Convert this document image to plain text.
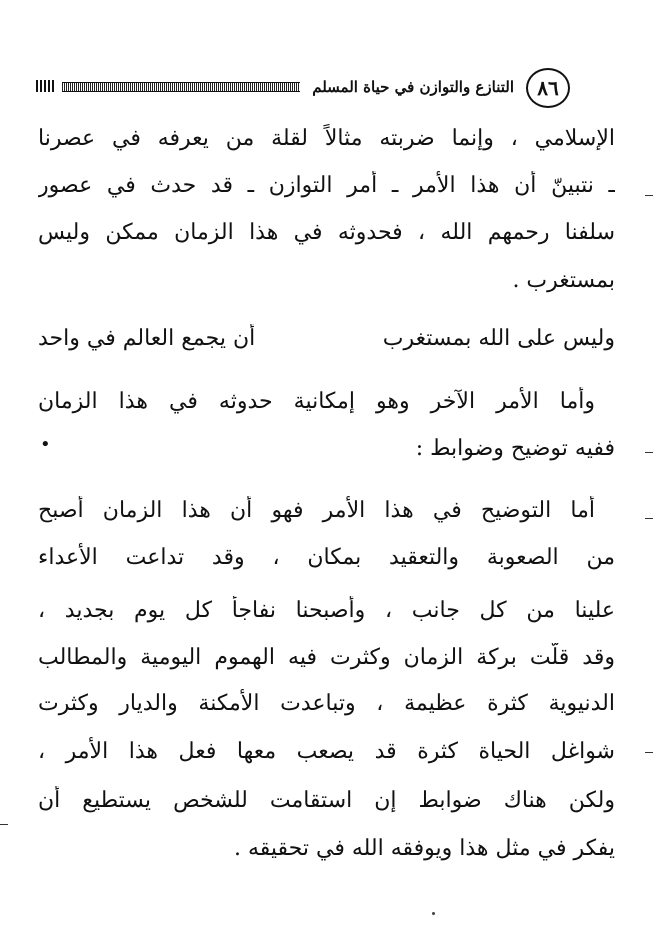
٨٦
التنازع والتوازن في حياة المسلم
الإسلامي ، وإنما ضربته مثالاً لقلة من يعرفه في عصرنا
ـ نتبينّ أن هذا الأمر ـ أمر التوازن ـ قد حدث في عصور
سلفنا رحمهم الله ، فحدوثه في هذا الزمان ممكن وليس
بمستغرب .
وليس على الله بمستغرب
أن يجمع العالم في واحد
وأما الأمر الآخر وهو إمكانية حدوثه في هذا الزمان
ففيه توضيح وضوابط :
•
أما التوضيح في هذا الأمر فهو أن هذا الزمان أصبح
من الصعوبة والتعقيد بمكان ، وقد تداعت الأعداء
علينا من كل جانب ، وأصبحنا نفاجأ كل يوم بجديد ،
وقد قلّت بركة الزمان وكثرت فيه الهموم اليومية والمطالب
الدنيوية كثرة عظيمة ، وتباعدت الأمكنة والديار وكثرت
شواغل الحياة كثرة قد يصعب معها فعل هذا الأمر ،
ولكن هناك ضوابط إن استقامت للشخص يستطيع أن
يفكر في مثل هذا ويوفقه الله في تحقيقه .
